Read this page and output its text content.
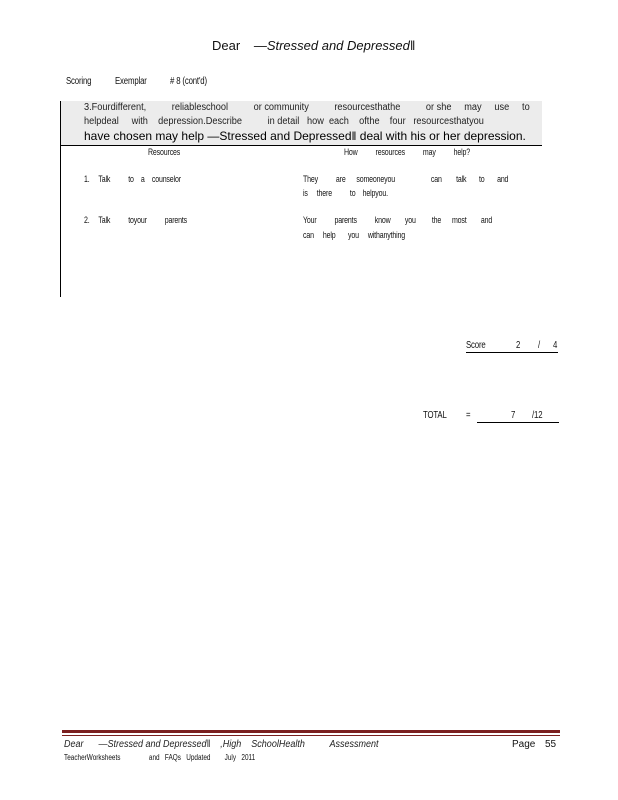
Dear —Stressed and Depressed‖
Scoring Exemplar # 8 (cont'd)
3.Fourdifferent,          reliableschool          or community          resourcesthathe          or she     may     use     to
helpdeal     with    depression.Describe          in detail   how  each    ofthe    four   resourcesthatyou
have chosen may help —Stressed and Depressed‖ deal with his or her depression.
Resources	How          resources          may          help?
1.     Talk          to    a    counselor	They          are      someoneyou                    can        talk       to       and
is     there          to    helpyou.
2.     Talk          toyour          parents	Your          parents          know        you         the      most        and
can     help       you     withanything
Score	2 / 4
TOTAL =	7 /12
Dear      —Stressed and Depressed‖    ,High    SchoolHealth          Assessment	Page 55
TeacherWorksheets                and   FAQs   Updated        July   2011
